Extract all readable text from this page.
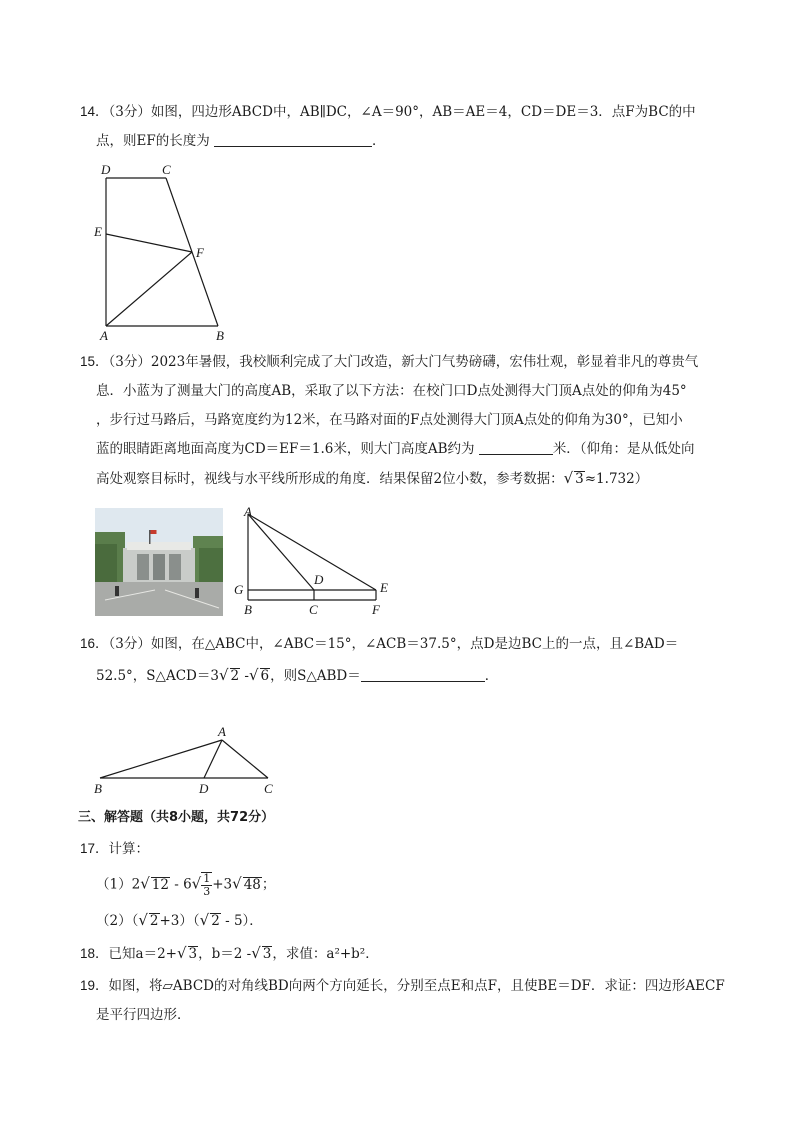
14．（3分）如图，四边形ABCD中，AB∥DC，∠A＝90°，AB＝AE＝4，CD＝DE＝3．点F为BC的中
点，则EF的长度为	．
D	C
E
F
A	B
15．（3分）2023年暑假，我校顺利完成了大门改造，新大门气势磅礴，宏伟壮观，彰显着非凡的尊贵气
息．小蓝为了测量大门的高度AB，采取了以下方法：在校门口D点处测得大门顶A点处的仰角为45°
，步行过马路后，马路宽度约为12米，在马路对面的F点处测得大门顶A点处的仰角为30°，已知小
蓝的眼睛距离地面高度为CD＝EF＝1.6米，则大门高度AB约为	米．（仰角：是从低处向
高处观察目标时，视线与水平线所形成的角度．结果保留2位小数，参考数据：√ 3≈1.732）
A
G
D
E
B	C	F
16．（3分）如图，在△ABC中，∠ABC＝15°，∠ACB＝37.5°，点D是边BC上的一点，且∠BAD＝
52.5°，S△ACD＝3√ 2 -√ 6，则S△ABD＝	．
A
B	D	C
三、解答题（共8小题，共72分）
17．计算：
（1）2√ $12 - 6√ \frac{1}{3} +3√$ 48；
（2）（√ 2+3）（√ 2 - 5）．
18．已知a＝2+√ 3，b＝2 -√ 3，求值：a²+b²．
19．如图，将▱ABCD的对角线BD向两个方向延长，分别至点E和点F，且使BE＝DF．求证：四边形AECF
是平行四边形．
